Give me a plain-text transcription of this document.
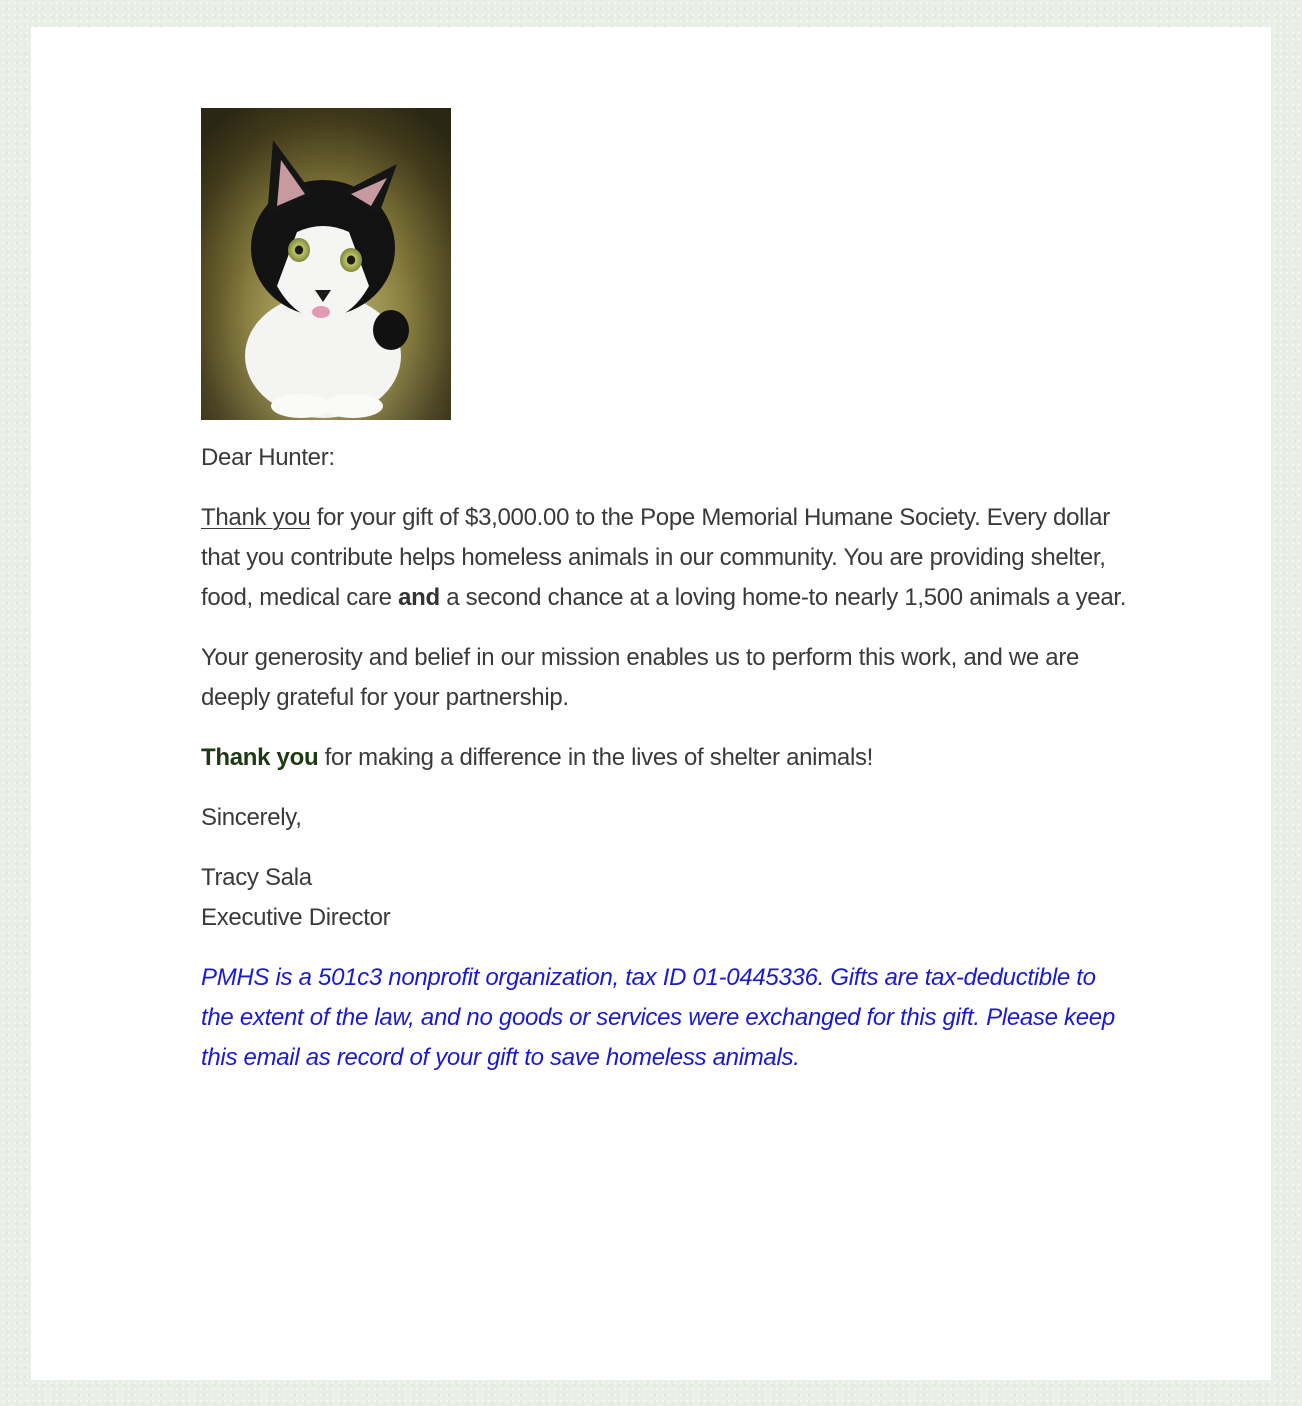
Dear Hunter:

Thank you for your gift of $3,000.00 to the Pope Memorial Humane Society. Every dollar that you contribute helps homeless animals in our community. You are providing shelter, food, medical care and a second chance at a loving home-to nearly 1,500 animals a year.

Your generosity and belief in our mission enables us to perform this work, and we are deeply grateful for your partnership.

Thank you for making a difference in the lives of shelter animals!

Sincerely,

Tracy Sala
Executive Director

PMHS is a 501c3 nonprofit organization, tax ID 01-0445336. Gifts are tax-deductible to the extent of the law, and no goods or services were exchanged for this gift. Please keep this email as record of your gift to save homeless animals.
